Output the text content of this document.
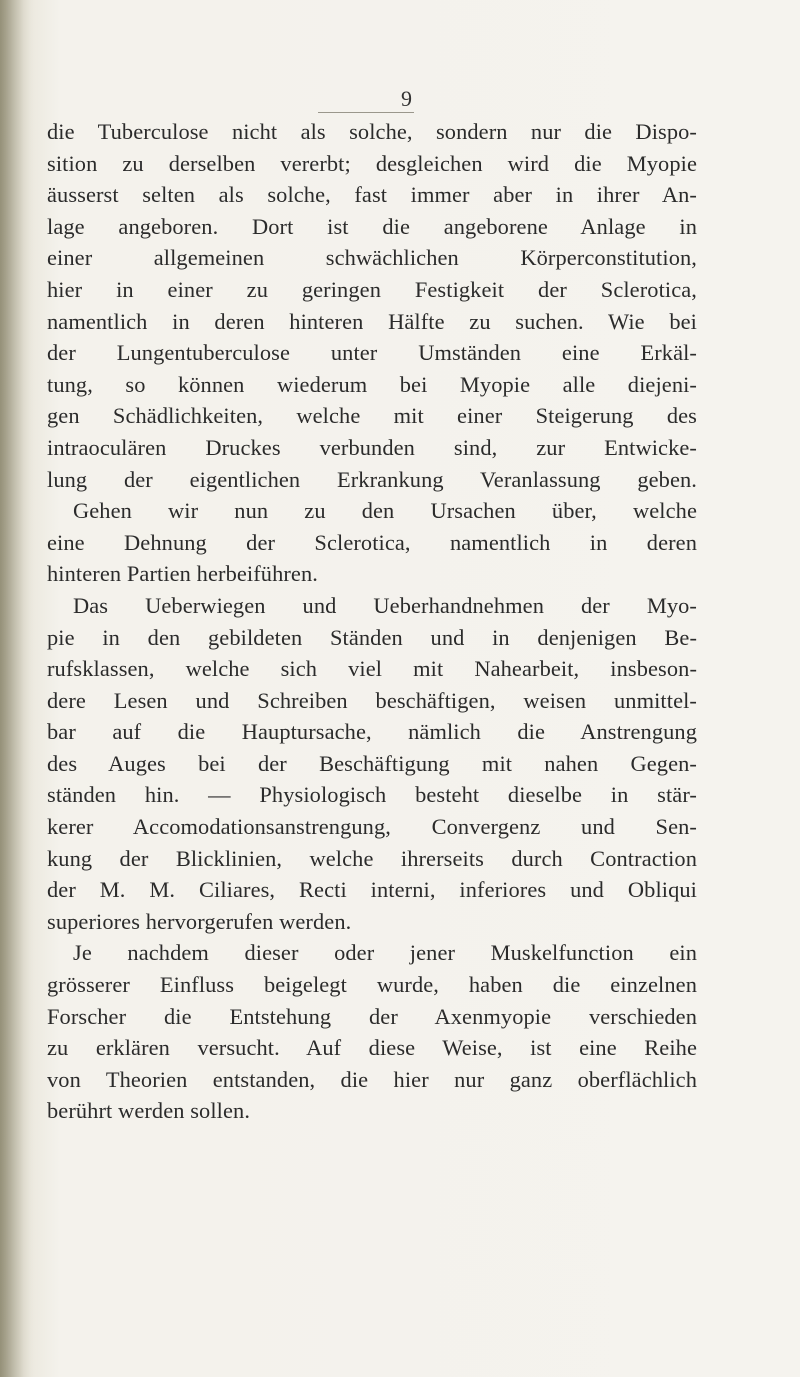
9
die Tuberculose nicht als solche, sondern nur die Dispo-
sition zu derselben vererbt; desgleichen wird die Myopie
äusserst selten als solche, fast immer aber in ihrer An-
lage angeboren. Dort ist die angeborene Anlage in
einer allgemeinen schwächlichen Körperconstitution,
hier in einer zu geringen Festigkeit der Sclerotica,
namentlich in deren hinteren Hälfte zu suchen. Wie bei
der Lungentuberculose unter Umständen eine Erkäl-
tung, so können wiederum bei Myopie alle diejeni-
gen Schädlichkeiten, welche mit einer Steigerung des
intraoculären Druckes verbunden sind, zur Entwicke-
lung der eigentlichen Erkrankung Veranlassung geben.
Gehen wir nun zu den Ursachen über, welche
eine Dehnung der Sclerotica, namentlich in deren
hinteren Partien herbeiführen.
Das Ueberwiegen und Ueberhandnehmen der Myo-
pie in den gebildeten Ständen und in denjenigen Be-
rufsklassen, welche sich viel mit Nahearbeit, insbeson-
dere Lesen und Schreiben beschäftigen, weisen unmittel-
bar auf die Hauptursache, nämlich die Anstrengung
des Auges bei der Beschäftigung mit nahen Gegen-
ständen hin. — Physiologisch besteht dieselbe in stär-
kerer Accomodationsanstrengung, Convergenz und Sen-
kung der Blicklinien, welche ihrerseits durch Contraction
der M. M. Ciliares, Recti interni, inferiores und Obliqui
superiores hervorgerufen werden.
Je nachdem dieser oder jener Muskelfunction ein
grösserer Einfluss beigelegt wurde, haben die einzelnen
Forscher die Entstehung der Axenmyopie verschieden
zu erklären versucht. Auf diese Weise, ist eine Reihe
von Theorien entstanden, die hier nur ganz oberflächlich
berührt werden sollen.
